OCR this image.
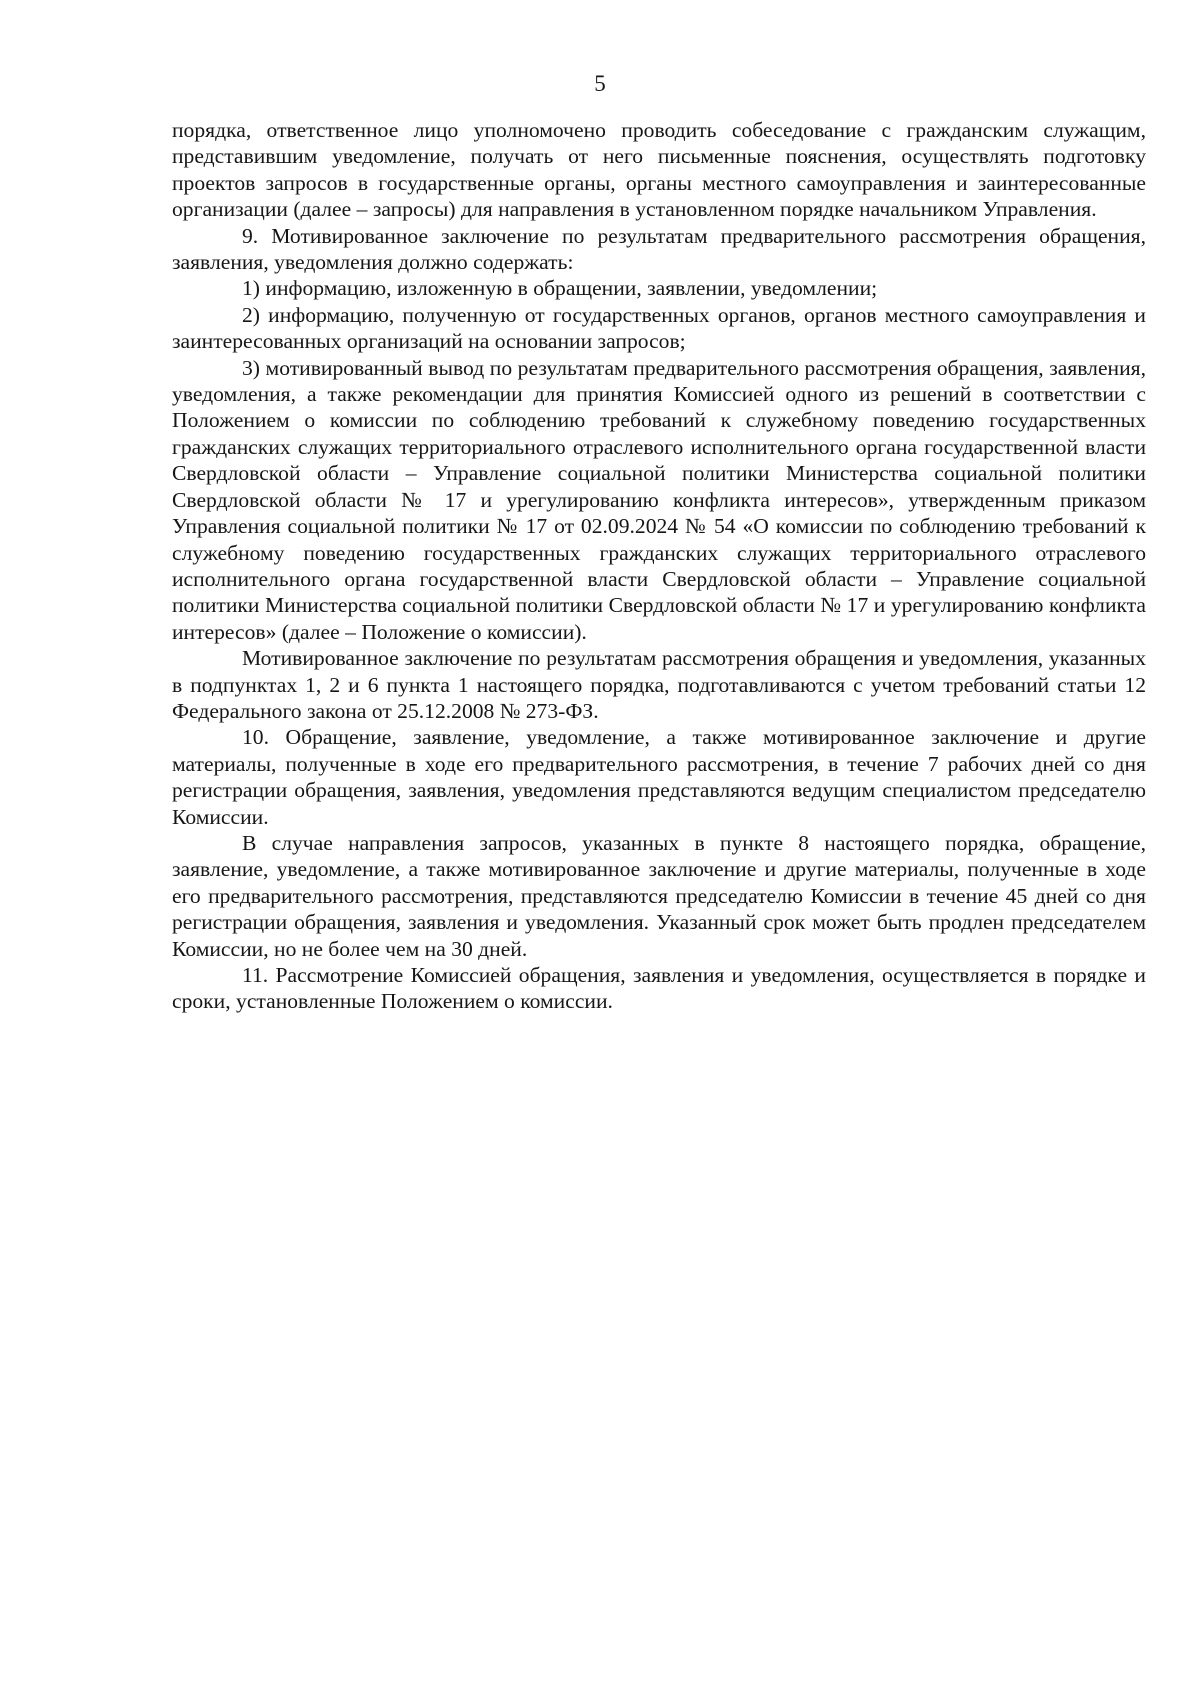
5

порядка, ответственное лицо уполномочено проводить собеседование с гражданским служащим, представившим уведомление, получать от него письменные пояснения, осуществлять подготовку проектов запросов в государственные органы, органы местного самоуправления и заинтересованные организации (далее – запросы) для направления в установленном порядке начальником Управления.

9. Мотивированное заключение по результатам предварительного рассмотрения обращения, заявления, уведомления должно содержать:

1) информацию, изложенную в обращении, заявлении, уведомлении;

2) информацию, полученную от государственных органов, органов местного самоуправления и заинтересованных организаций на основании запросов;

3) мотивированный вывод по результатам предварительного рассмотрения обращения, заявления, уведомления, а также рекомендации для принятия Комиссией одного из решений в соответствии с Положением о комиссии по соблюдению требований к служебному поведению государственных гражданских служащих территориального отраслевого исполнительного органа государственной власти Свердловской области – Управление социальной политики Министерства социальной политики Свердловской области № 17 и урегулированию конфликта интересов», утвержденным приказом Управления социальной политики № 17 от 02.09.2024 № 54 «О комиссии по соблюдению требований к служебному поведению государственных гражданских служащих территориального отраслевого исполнительного органа государственной власти Свердловской области – Управление социальной политики Министерства социальной политики Свердловской области № 17 и урегулированию конфликта интересов» (далее – Положение о комиссии).

Мотивированное заключение по результатам рассмотрения обращения и уведомления, указанных в подпунктах 1, 2 и 6 пункта 1 настоящего порядка, подготавливаются с учетом требований статьи 12 Федерального закона от 25.12.2008 № 273-ФЗ.

10. Обращение, заявление, уведомление, а также мотивированное заключение и другие материалы, полученные в ходе его предварительного рассмотрения, в течение 7 рабочих дней со дня регистрации обращения, заявления, уведомления представляются ведущим специалистом председателю Комиссии.

В случае направления запросов, указанных в пункте 8 настоящего порядка, обращение, заявление, уведомление, а также мотивированное заключение и другие материалы, полученные в ходе его предварительного рассмотрения, представляются председателю Комиссии в течение 45 дней со дня регистрации обращения, заявления и уведомления. Указанный срок может быть продлен председателем Комиссии, но не более чем на 30 дней.

11. Рассмотрение Комиссией обращения, заявления и уведомления, осуществляется в порядке и сроки, установленные Положением о комиссии.
